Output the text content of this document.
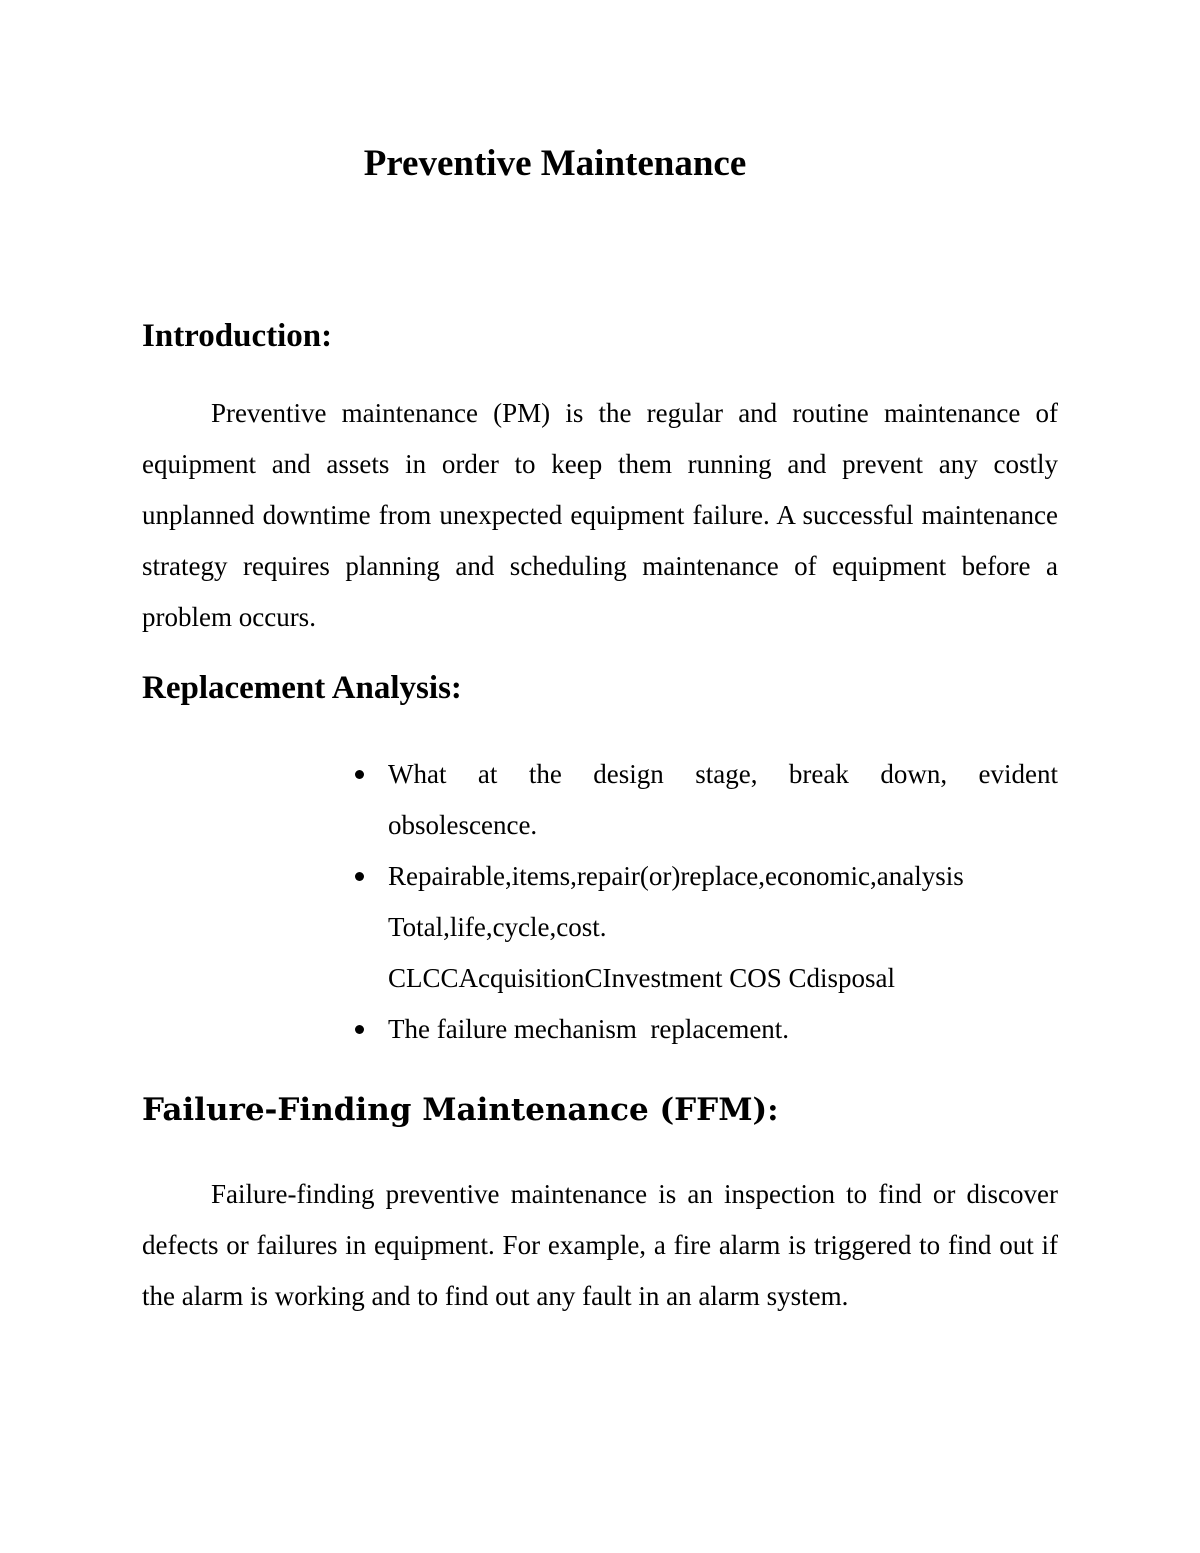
Preventive Maintenance
Introduction:

Preventive maintenance (PM) is the regular and routine maintenance of equipment and assets in order to keep them running and prevent any costly unplanned downtime from unexpected equipment failure. A successful maintenance strategy requires planning and scheduling maintenance of equipment before a problem occurs.

Replacement Analysis:
What at the design stage, break down, evident
obsolescence.
Repairable,items,repair(or)replace,economic,analysis
Total,life,cycle,cost.
CLCCAcquisitionCInvestment COS Cdisposal
The failure mechanism  replacement.
Failure-Finding Maintenance (FFM):

Failure-finding preventive maintenance is an inspection to find or discover defects or failures in equipment. For example, a fire alarm is triggered to find out if the alarm is working and to find out any fault in an alarm system.
